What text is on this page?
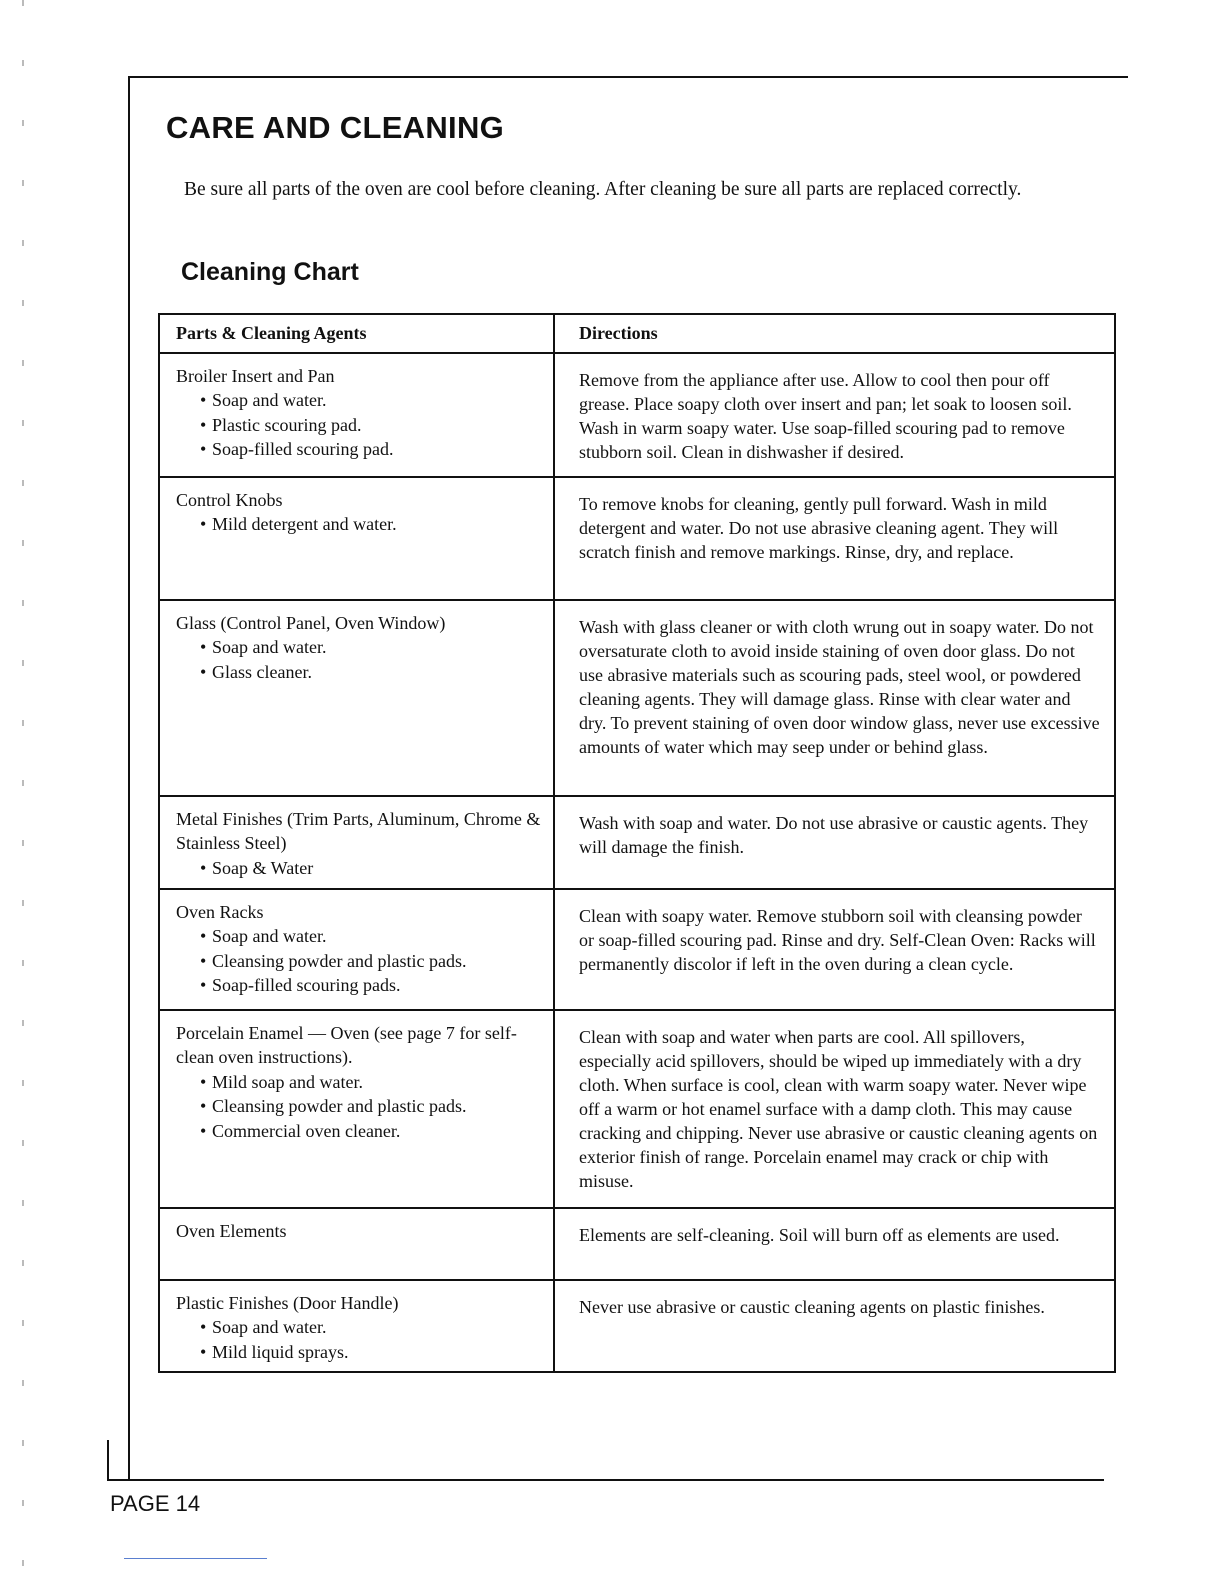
CARE AND CLEANING

Be sure all parts of the oven are cool before cleaning. After cleaning be sure all parts are replaced correctly.

Cleaning Chart
Parts & Cleaning Agents	Directions
Broiler Insert and Pan
• Soap and water.
• Plastic scouring pad.
• Soap-filled scouring pad.
Remove from the appliance after use. Allow to cool then pour off grease. Place soapy cloth over insert and pan; let soak to loosen soil. Wash in warm soapy water. Use soap-filled scouring pad to remove stubborn soil. Clean in dishwasher if desired.
Control Knobs
• Mild detergent and water.
To remove knobs for cleaning, gently pull forward. Wash in mild detergent and water. Do not use abrasive cleaning agent. They will scratch finish and remove markings. Rinse, dry, and replace.
Glass (Control Panel, Oven Window)
• Soap and water.
• Glass cleaner.
Wash with glass cleaner or with cloth wrung out in soapy water. Do not oversaturate cloth to avoid inside staining of oven door glass. Do not use abrasive materials such as scouring pads, steel wool, or powdered cleaning agents. They will damage glass. Rinse with clear water and dry. To prevent staining of oven door window glass, never use excessive amounts of water which may seep under or behind glass.
Metal Finishes (Trim Parts, Aluminum, Chrome & Stainless Steel)
• Soap & Water
Wash with soap and water. Do not use abrasive or caustic agents. They will damage the finish.
Oven Racks
• Soap and water.
• Cleansing powder and plastic pads.
• Soap-filled scouring pads.
Clean with soapy water. Remove stubborn soil with cleansing powder or soap-filled scouring pad. Rinse and dry. Self-Clean Oven: Racks will permanently discolor if left in the oven during a clean cycle.
Porcelain Enamel — Oven (see page 7 for self-clean oven instructions).
• Mild soap and water.
• Cleansing powder and plastic pads.
• Commercial oven cleaner.
Clean with soap and water when parts are cool. All spillovers, especially acid spillovers, should be wiped up immediately with a dry cloth. When surface is cool, clean with warm soapy water. Never wipe off a warm or hot enamel surface with a damp cloth. This may cause cracking and chipping. Never use abrasive or caustic cleaning agents on exterior finish of range. Porcelain enamel may crack or chip with misuse.
Oven Elements	Elements are self-cleaning. Soil will burn off as elements are used.
Plastic Finishes (Door Handle)
• Soap and water.
• Mild liquid sprays.
Never use abrasive or caustic cleaning agents on plastic finishes.

PAGE 14
